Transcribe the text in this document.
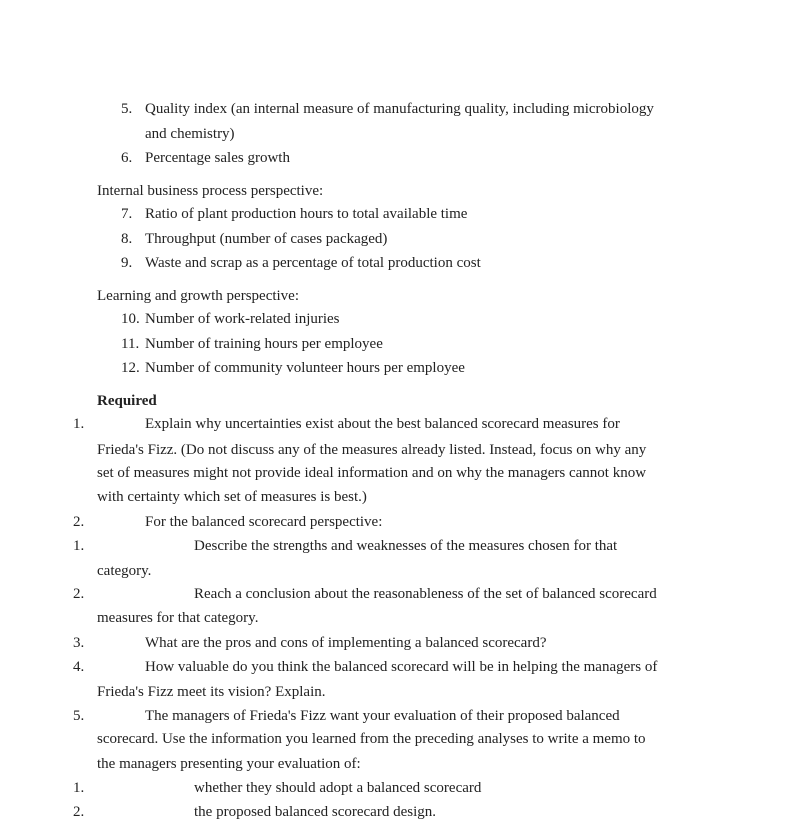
5. Quality index (an internal measure of manufacturing quality, including microbiology
and chemistry)
6. Percentage sales growth
Internal business process perspective:
7. Ratio of plant production hours to total available time
8. Throughput (number of cases packaged)
9. Waste and scrap as a percentage of total production cost
Learning and growth perspective:
10. Number of work-related injuries
11. Number of training hours per employee
12. Number of community volunteer hours per employee
Required
1.	Explain why uncertainties exist about the best balanced scorecard measures for
Frieda's Fizz. (Do not discuss any of the measures already listed. Instead, focus on why any
set of measures might not provide ideal information and on why the managers cannot know
with certainty which set of measures is best.)
2.	For the balanced scorecard perspective:
1.	Describe the strengths and weaknesses of the measures chosen for that
category.
2.	Reach a conclusion about the reasonableness of the set of balanced scorecard
measures for that category.
3.	What are the pros and cons of implementing a balanced scorecard?
4.	How valuable do you think the balanced scorecard will be in helping the managers of
Frieda's Fizz meet its vision? Explain.
5.	The managers of Frieda's Fizz want your evaluation of their proposed balanced
scorecard. Use the information you learned from the preceding analyses to write a memo to
the managers presenting your evaluation of:
1.	whether they should adopt a balanced scorecard
2.	the proposed balanced scorecard design.
